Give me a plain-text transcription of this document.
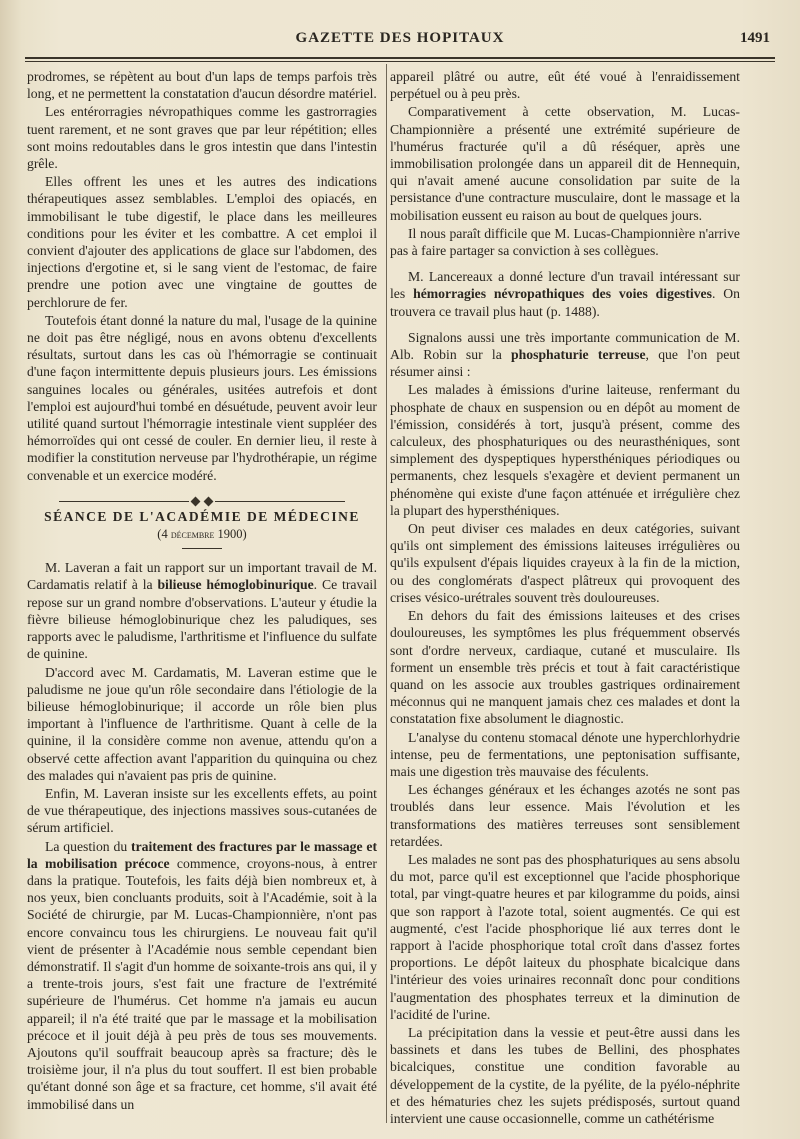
GAZETTE DES HOPITAUX	1491

prodromes, se répètent au bout d'un laps de temps parfois très long, et ne permettent la constatation d'aucun désordre matériel.

Les entérorragies névropathiques comme les gastrorragies tuent rarement, et ne sont graves que par leur répétition; elles sont moins redoutables dans le gros intestin que dans l'intestin grêle.

Elles offrent les unes et les autres des indications thérapeutiques assez semblables. L'emploi des opiacés, en immobilisant le tube digestif, le place dans les meilleures conditions pour les éviter et les combattre. A cet emploi il convient d'ajouter des applications de glace sur l'abdomen, des injections d'ergotine et, si le sang vient de l'estomac, de faire prendre une potion avec une vingtaine de gouttes de perchlorure de fer.

Toutefois étant donné la nature du mal, l'usage de la quinine ne doit pas être négligé, nous en avons obtenu d'excellents résultats, surtout dans les cas où l'hémorragie se continuait d'une façon intermittente depuis plusieurs jours. Les émissions sanguines locales ou générales, usitées autrefois et dont l'emploi est aujourd'hui tombé en désuétude, peuvent avoir leur utilité quand surtout l'hémorragie intestinale vient suppléer des hémorroïdes qui ont cessé de couler. En dernier lieu, il reste à modifier la constitution nerveuse par l'hydrothérapie, un régime convenable et un exercice modéré.

SÉANCE DE L'ACADÉMIE DE MÉDECINE
(4 décembre 1900)

M. Laveran a fait un rapport sur un important travail de M. Cardamatis relatif à la bilieuse hémoglobinurique. Ce travail repose sur un grand nombre d'observations. L'auteur y étudie la fièvre bilieuse hémoglobinurique chez les paludiques, ses rapports avec le paludisme, l'arthritisme et l'influence du sulfate de quinine.

D'accord avec M. Cardamatis, M. Laveran estime que le paludisme ne joue qu'un rôle secondaire dans l'étiologie de la bilieuse hémoglobinurique; il accorde un rôle bien plus important à l'influence de l'arthritisme. Quant à celle de la quinine, il la considère comme non avenue, attendu qu'on a observé cette affection avant l'apparition du quinquina ou chez des malades qui n'avaient pas pris de quinine.

Enfin, M. Laveran insiste sur les excellents effets, au point de vue thérapeutique, des injections massives sous-cutanées de sérum artificiel.

La question du traitement des fractures par le massage et la mobilisation précoce commence, croyons-nous, à entrer dans la pratique. Toutefois, les faits déjà bien nombreux et, à nos yeux, bien concluants produits, soit à l'Académie, soit à la Société de chirurgie, par M. Lucas-Championnière, n'ont pas encore convaincu tous les chirurgiens. Le nouveau fait qu'il vient de présenter à l'Académie nous semble cependant bien démonstratif. Il s'agit d'un homme de soixante-trois ans qui, il y a trente-trois jours, s'est fait une fracture de l'extrémité supérieure de l'humérus. Cet homme n'a jamais eu aucun appareil; il n'a été traité que par le massage et la mobilisation précoce et il jouit déjà à peu près de tous ses mouvements. Ajoutons qu'il souffrait beaucoup après sa fracture; dès le troisième jour, il n'a plus du tout souffert. Il est bien probable qu'étant donné son âge et sa fracture, cet homme, s'il avait été immobilisé dans un

appareil plâtré ou autre, eût été voué à l'enraidissement perpétuel ou à peu près.

Comparativement à cette observation, M. Lucas-Championnière a présenté une extrémité supérieure de l'humérus fracturée qu'il a dû réséquer, après une immobilisation prolongée dans un appareil dit de Hennequin, qui n'avait amené aucune consolidation par suite de la persistance d'une contracture musculaire, dont le massage et la mobilisation eussent eu raison au bout de quelques jours.

Il nous paraît difficile que M. Lucas-Championnière n'arrive pas à faire partager sa conviction à ses collègues.

M. Lancereaux a donné lecture d'un travail intéressant sur les hémorragies névropathiques des voies digestives. On trouvera ce travail plus haut (p. 1488).

Signalons aussi une très importante communication de M. Alb. Robin sur la phosphaturie terreuse, que l'on peut résumer ainsi :

Les malades à émissions d'urine laiteuse, renfermant du phosphate de chaux en suspension ou en dépôt au moment de l'émission, considérés à tort, jusqu'à présent, comme des calculeux, des phosphaturiques ou des neurasthéniques, sont simplement des dyspeptiques hypersthéniques périodiques ou permanents, chez lesquels s'exagère et devient permanent un phénomène qui existe d'une façon atténuée et irrégulière chez la plupart des hypersthéniques.

On peut diviser ces malades en deux catégories, suivant qu'ils ont simplement des émissions laiteuses irrégulières ou qu'ils expulsent d'épais liquides crayeux à la fin de la miction, ou des conglomérats d'aspect plâtreux qui provoquent des crises vésico-urétrales souvent très douloureuses.

En dehors du fait des émissions laiteuses et des crises douloureuses, les symptômes les plus fréquemment observés sont d'ordre nerveux, cardiaque, cutané et musculaire. Ils forment un ensemble très précis et tout à fait caractéristique quand on les associe aux troubles gastriques ordinairement méconnus qui ne manquent jamais chez ces malades et dont la constatation fixe absolument le diagnostic.

L'analyse du contenu stomacal dénote une hyperchlorhydrie intense, peu de fermentations, une peptonisation suffisante, mais une digestion très mauvaise des féculents.

Les échanges généraux et les échanges azotés ne sont pas troublés dans leur essence. Mais l'évolution et les transformations des matières terreuses sont sensiblement retardées.

Les malades ne sont pas des phosphaturiques au sens absolu du mot, parce qu'il est exceptionnel que l'acide phosphorique total, par vingt-quatre heures et par kilogramme du poids, ainsi que son rapport à l'azote total, soient augmentés. Ce qui est augmenté, c'est l'acide phosphorique lié aux terres dont le rapport à l'acide phosphorique total croît dans d'assez fortes proportions. Le dépôt laiteux du phosphate bicalcique dans l'intérieur des voies urinaires reconnaît donc pour conditions l'augmentation des phosphates terreux et la diminution de l'acidité de l'urine.

La précipitation dans la vessie et peut-être aussi dans les bassinets et dans les tubes de Bellini, des phosphates bicalciques, constitue une condition favorable au développement de la cystite, de la pyélite, de la pyélo-néphrite et des hématuries chez les sujets prédisposés, surtout quand intervient une cause occasionnelle, comme un cathétérisme
